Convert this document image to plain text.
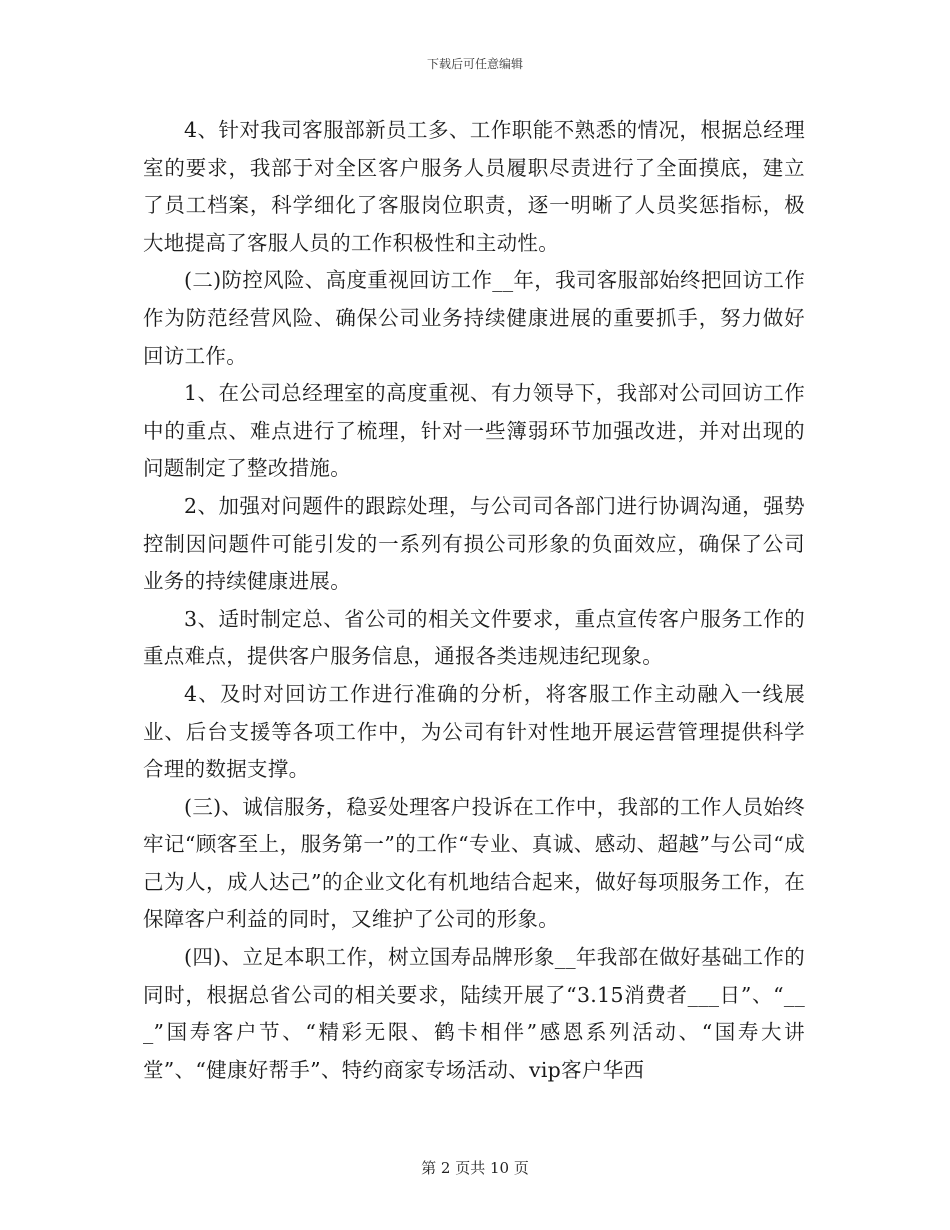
下载后可任意编辑

4、针对我司客服部新员工多、工作职能不熟悉的情况，根据总经理室的要求，我部于对全区客户服务人员履职尽责进行了全面摸底，建立了员工档案，科学细化了客服岗位职责，逐一明晰了人员奖惩指标，极大地提高了客服人员的工作积极性和主动性。

(二)防控风险、高度重视回访工作__年，我司客服部始终把回访工作作为防范经营风险、确保公司业务持续健康进展的重要抓手，努力做好回访工作。

1、在公司总经理室的高度重视、有力领导下，我部对公司回访工作中的重点、难点进行了梳理，针对一些簿弱环节加强改进，并对出现的问题制定了整改措施。

2、加强对问题件的跟踪处理，与公司司各部门进行协调沟通，强势控制因问题件可能引发的一系列有损公司形象的负面效应，确保了公司业务的持续健康进展。

3、适时制定总、省公司的相关文件要求，重点宣传客户服务工作的重点难点，提供客户服务信息，通报各类违规违纪现象。

4、及时对回访工作进行准确的分析，将客服工作主动融入一线展业、后台支援等各项工作中，为公司有针对性地开展运营管理提供科学合理的数据支撑。

(三)、诚信服务，稳妥处理客户投诉在工作中，我部的工作人员始终牢记“顾客至上，服务第一”的工作“专业、真诚、感动、超越”与公司“成己为人，成人达己”的企业文化有机地结合起来，做好每项服务工作，在保障客户利益的同时，又维护了公司的形象。

(四)、立足本职工作，树立国寿品牌形象__年我部在做好基础工作的同时，根据总省公司的相关要求，陆续开展了“3.15消费者___日”、“___”国寿客户节、“精彩无限、鹤卡相伴”感恩系列活动、“国寿大讲堂”、“健康好帮手”、特约商家专场活动、vip客户华西

第 2 页共 10 页
